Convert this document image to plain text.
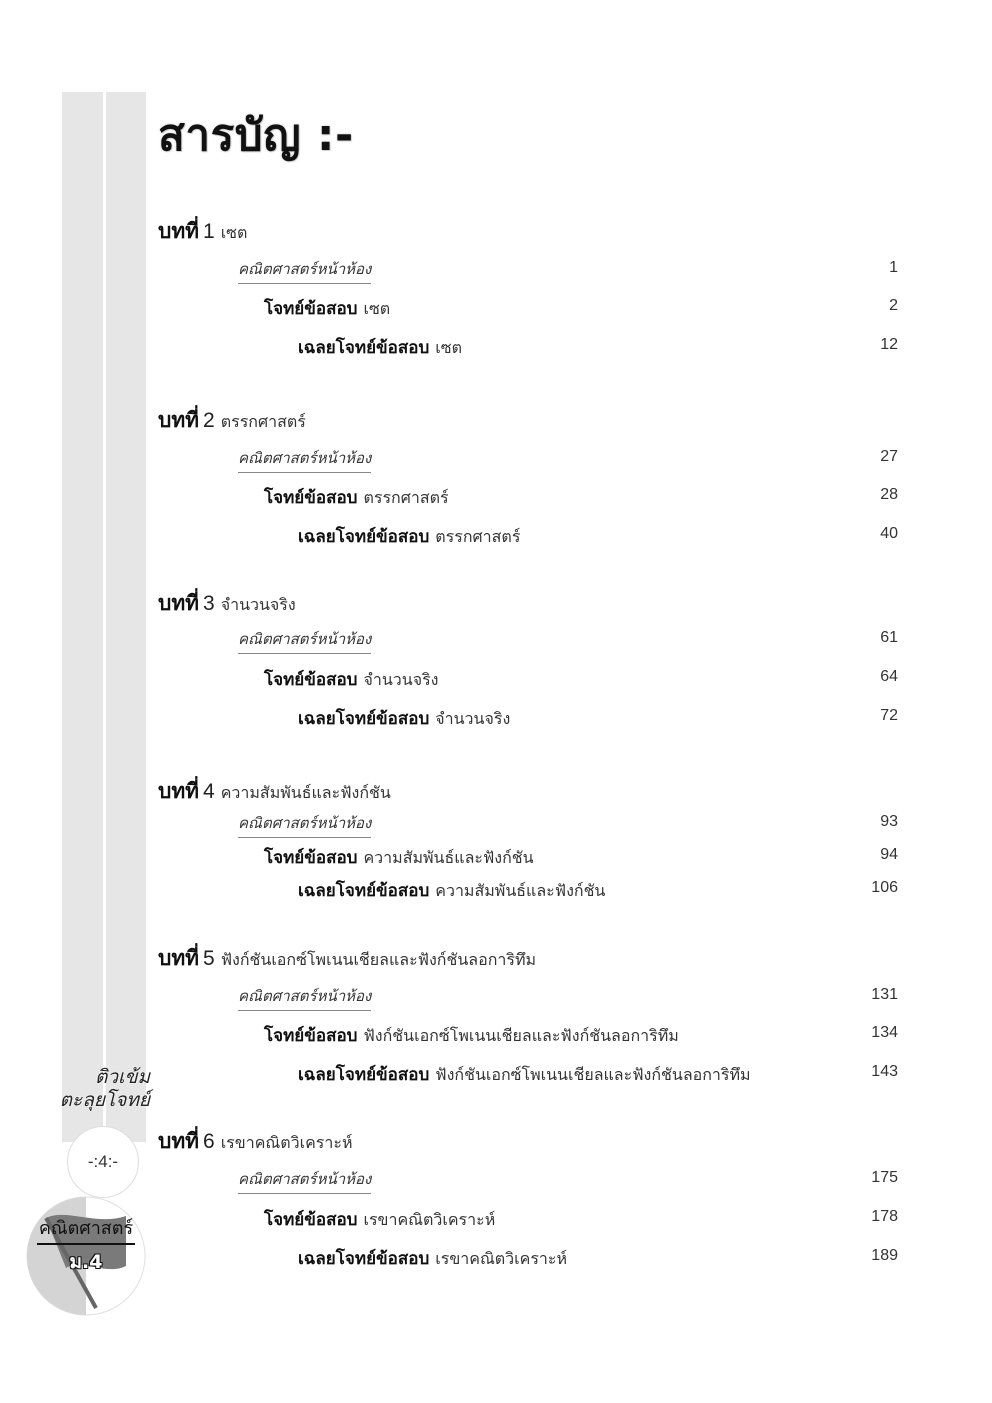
สารบัญ :-
บทที่ 1 เซต
คณิตศาสตร์หน้าห้อง	1
โจทย์ข้อสอบ เซต	2
เฉลยโจทย์ข้อสอบ เซต	12
บทที่ 2 ตรรกศาสตร์
คณิตศาสตร์หน้าห้อง	27
โจทย์ข้อสอบ ตรรกศาสตร์	28
เฉลยโจทย์ข้อสอบ ตรรกศาสตร์	40
บทที่ 3 จำนวนจริง
คณิตศาสตร์หน้าห้อง	61
โจทย์ข้อสอบ จำนวนจริง	64
เฉลยโจทย์ข้อสอบ จำนวนจริง	72
บทที่ 4 ความสัมพันธ์และฟังก์ชัน
คณิตศาสตร์หน้าห้อง	93
โจทย์ข้อสอบ ความสัมพันธ์และฟังก์ชัน	94
เฉลยโจทย์ข้อสอบ ความสัมพันธ์และฟังก์ชัน	106
บทที่ 5 ฟังก์ชันเอกซ์โพเนนเชียลและฟังก์ชันลอการิทึม
คณิตศาสตร์หน้าห้อง	131
โจทย์ข้อสอบ ฟังก์ชันเอกซ์โพเนนเชียลและฟังก์ชันลอการิทึม	134
เฉลยโจทย์ข้อสอบ ฟังก์ชันเอกซ์โพเนนเชียลและฟังก์ชันลอการิทึม	143
บทที่ 6 เรขาคณิตวิเคราะห์
คณิตศาสตร์หน้าห้อง	175
โจทย์ข้อสอบ เรขาคณิตวิเคราะห์	178
เฉลยโจทย์ข้อสอบ เรขาคณิตวิเคราะห์	189
ติวเข้ม
ตะลุยโจทย์
-:4:-
คณิตศาสตร์
ม.4
